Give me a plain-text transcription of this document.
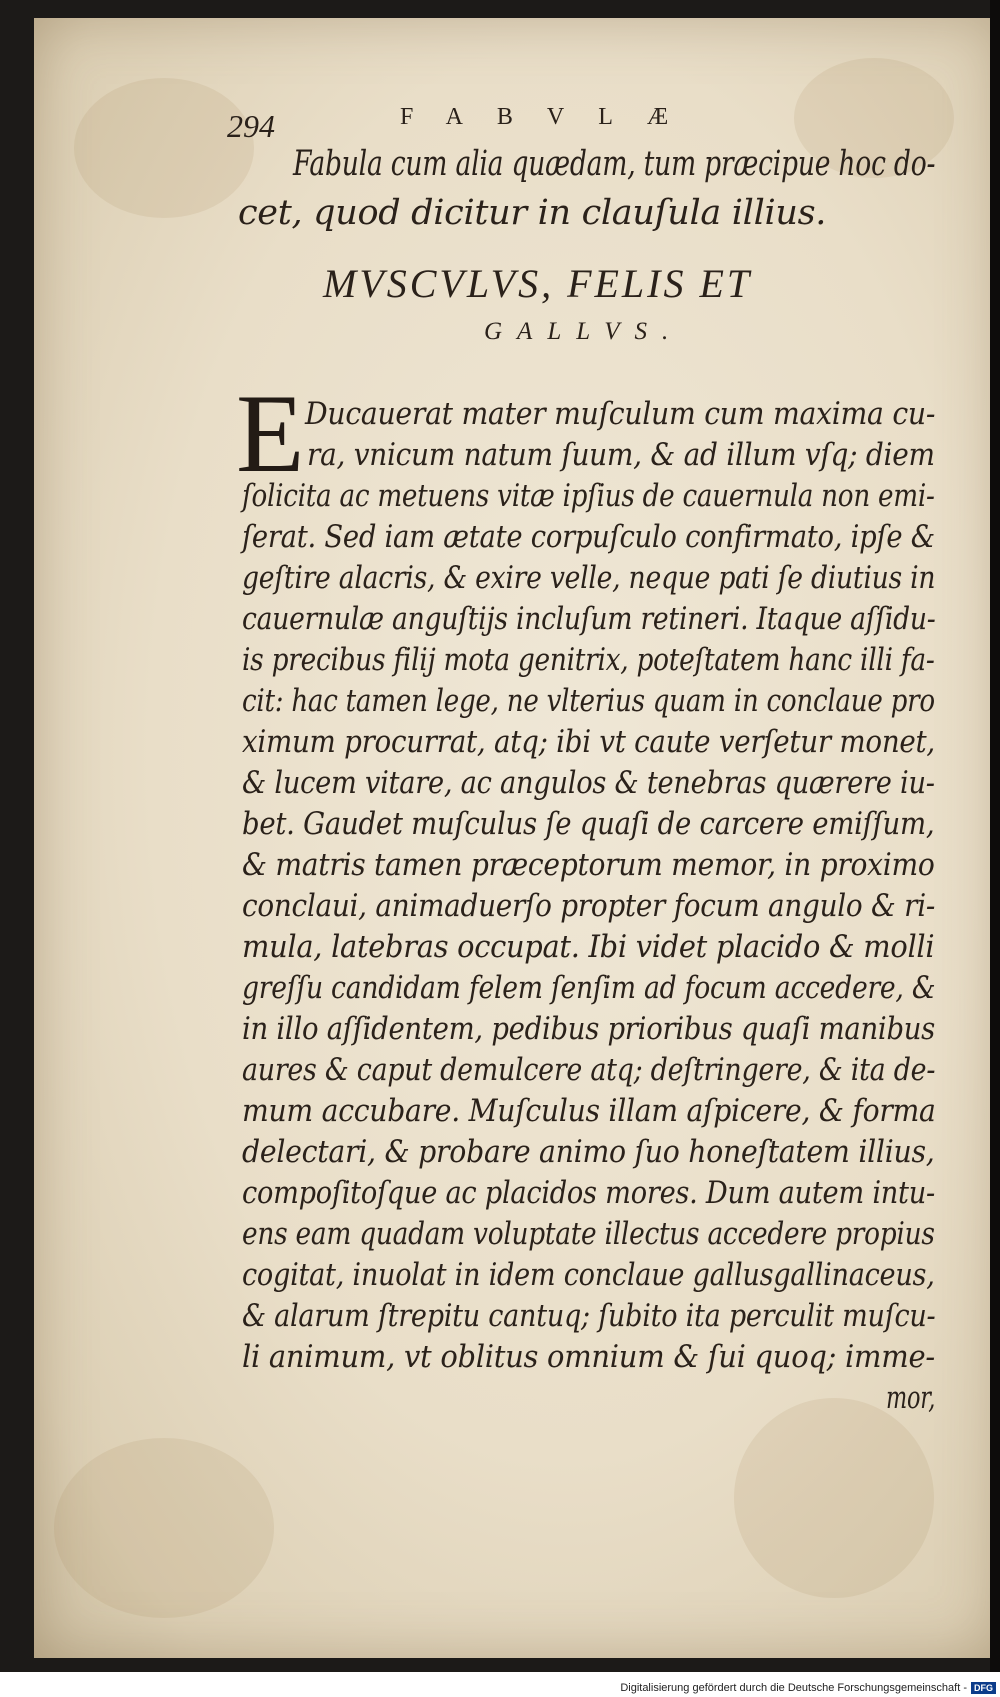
294	FABVLÆ
Fabula cum alia quædam, tum præcipue hoc do-
cet, quod dicitur in clauſula illius.
MVSCVLVS, FELIS ET
GALLVS.
E Ducauerat mater muſculum cum maxima cu-
ra, vnicum natum ſuum, & ad illum vſq; diem
ſolicita ac metuens vitæ ipſius de cauernula non emi-
ſerat. Sed iam ætate corpuſculo confirmato, ipſe &
geſtire alacris, & exire velle, neque pati ſe diutius in
cauernulæ anguſtijs incluſum retineri. Itaque aſſidu-
is precibus filij mota genitrix, poteſtatem hanc illi fa-
cit: hac tamen lege, ne vlterius quam in conclaue pro
ximum procurrat, atq; ibi vt caute verſetur monet,
& lucem vitare, ac angulos & tenebras quærere iu-
bet. Gaudet muſculus ſe quaſi de carcere emiſſum,
& matris tamen præceptorum memor, in proximo
conclaui, animaduerſo propter focum angulo & ri-
mula, latebras occupat. Ibi videt placido & molli
greſſu candidam felem ſenſim ad focum accedere, &
in illo aſſidentem, pedibus prioribus quaſi manibus
aures & caput demulcere atq; deſtringere, & ita de-
mum accubare. Muſculus illam aſpicere, & forma
delectari, & probare animo ſuo honeſtatem illius,
compoſitoſque ac placidos mores. Dum autem intu-
ens eam quadam voluptate illectus accedere propius
cogitat, inuolat in idem conclaue gallusgallinaceus,
& alarum ſtrepitu cantuq; ſubito ita perculit muſcu-
li animum, vt oblitus omnium & ſui quoq; imme-
mor,
Digitalisierung gefördert durch die Deutsche Forschungsgemeinschaft - DFG
